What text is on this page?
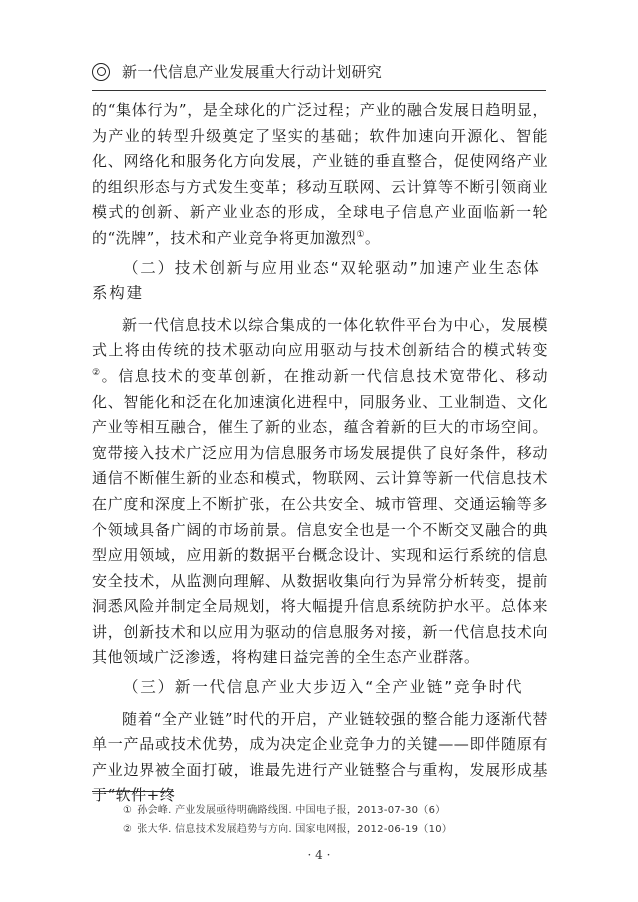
新一代信息产业发展重大行动计划研究

的“集体行为”，是全球化的广泛过程；产业的融合发展日趋明显，为产业的转型升级奠定了坚实的基础；软件加速向开源化、智能化、网络化和服务化方向发展，产业链的垂直整合，促使网络产业的组织形态与方式发生变革；移动互联网、云计算等不断引领商业模式的创新、新产业业态的形成，全球电子信息产业面临新一轮的“洗牌”，技术和产业竞争将更加激烈①。

（二）技术创新与应用业态“双轮驱动”加速产业生态体系构建

新一代信息技术以综合集成的一体化软件平台为中心，发展模式上将由传统的技术驱动向应用驱动与技术创新结合的模式转变②。信息技术的变革创新，在推动新一代信息技术宽带化、移动化、智能化和泛在化加速演化进程中，同服务业、工业制造、文化产业等相互融合，催生了新的业态，蕴含着新的巨大的市场空间。宽带接入技术广泛应用为信息服务市场发展提供了良好条件，移动通信不断催生新的业态和模式，物联网、云计算等新一代信息技术在广度和深度上不断扩张，在公共安全、城市管理、交通运输等多个领域具备广阔的市场前景。信息安全也是一个不断交叉融合的典型应用领域，应用新的数据平台概念设计、实现和运行系统的信息安全技术，从监测向理解、从数据收集向行为异常分析转变，提前洞悉风险并制定全局规划，将大幅提升信息系统防护水平。总体来讲，创新技术和以应用为驱动的信息服务对接，新一代信息技术向其他领域广泛渗透，将构建日益完善的全生态产业群落。

（三）新一代信息产业大步迈入“全产业链”竞争时代

随着“全产业链”时代的开启，产业链较强的整合能力逐渐代替单一产品或技术优势，成为决定企业竞争力的关键——即伴随原有产业边界被全面打破，谁最先进行产业链整合与重构，发展形成基于“软件+终

① 孙会峰. 产业发展亟待明确路线图. 中国电子报，2013-07-30（6）
② 张大华. 信息技术发展趋势与方向. 国家电网报，2012-06-19（10）
· 4 ·
